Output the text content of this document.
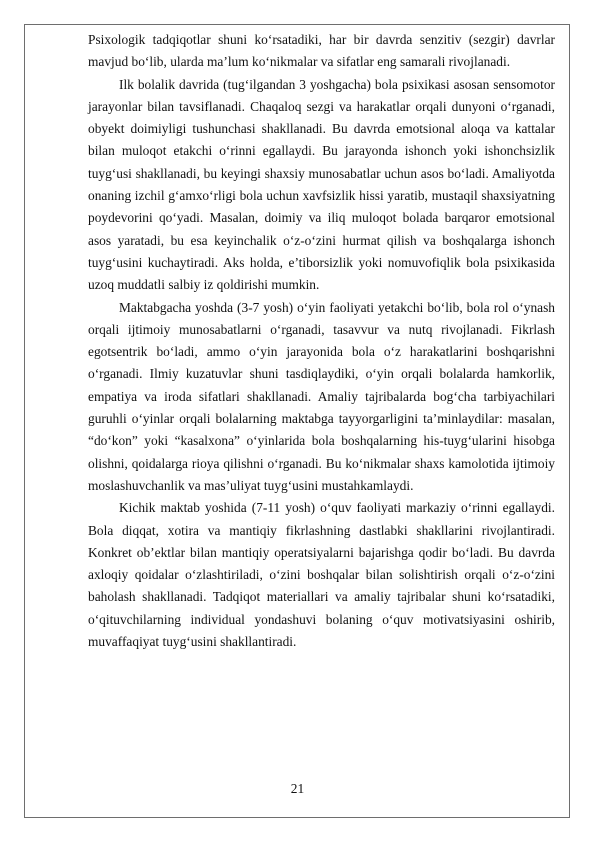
Psixologik tadqiqotlar shuni ko‘rsatadiki, har bir davrda senzitiv (sezgir) davrlar mavjud bo‘lib, ularda ma’lum ko‘nikmalar va sifatlar eng samarali rivojlanadi.

Ilk bolalik davrida (tug‘ilgandan 3 yoshgacha) bola psixikasi asosan sensomotor jarayonlar bilan tavsiflanadi. Chaqaloq sezgi va harakatlar orqali dunyoni o‘rganadi, obyekt doimiyligi tushunchasi shakllanadi. Bu davrda emotsional aloqa va kattalar bilan muloqot etakchi o‘rinni egallaydi. Bu jarayonda ishonch yoki ishonchsizlik tuyg‘usi shakllanadi, bu keyingi shaxsiy munosabatlar uchun asos bo‘ladi. Amaliyotda onaning izchil g‘amxo‘rligi bola uchun xavfsizlik hissi yaratib, mustaqil shaxsiyatning poydevorini qo‘yadi. Masalan, doimiy va iliq muloqot bolada barqaror emotsional asos yaratadi, bu esa keyinchalik o‘z-o‘zini hurmat qilish va boshqalarga ishonch tuyg‘usini kuchaytiradi. Aks holda, e’tiborsizlik yoki nomuvofiqlik bola psixikasida uzoq muddatli salbiy iz qoldirishi mumkin.

Maktabgacha yoshda (3-7 yosh) o‘yin faoliyati yetakchi bo‘lib, bola rol o‘ynash orqali ijtimoiy munosabatlarni o‘rganadi, tasavvur va nutq rivojlanadi. Fikrlash egotsentrik bo‘ladi, ammo o‘yin jarayonida bola o‘z harakatlarini boshqarishni o‘rganadi. Ilmiy kuzatuvlar shuni tasdiqlaydiki, o‘yin orqali bolalarda hamkorlik, empatiya va iroda sifatlari shakllanadi. Amaliy tajribalarda bog‘cha tarbiyachilari guruhli o‘yinlar orqali bolalarning maktabga tayyorgarligini ta’minlaydilar: masalan, “do‘kon” yoki “kasalxona” o‘yinlarida bola boshqalarning his-tuyg‘ularini hisobga olishni, qoidalarga rioya qilishni o‘rganadi. Bu ko‘nikmalar shaxs kamolotida ijtimoiy moslashuvchanlik va mas’uliyat tuyg‘usini mustahkamlaydi.

Kichik maktab yoshida (7-11 yosh) o‘quv faoliyati markaziy o‘rinni egallaydi. Bola diqqat, xotira va mantiqiy fikrlashning dastlabki shakllarini rivojlantiradi. Konkret ob’ektlar bilan mantiqiy operatsiyalarni bajarishga qodir bo‘ladi. Bu davrda axloqiy qoidalar o‘zlashtiriladi, o‘zini boshqalar bilan solishtirish orqali o‘z-o‘zini baholash shakllanadi. Tadqiqot materiallari va amaliy tajribalar shuni ko‘rsatadiki, o‘qituvchilarning individual yondashuvi bolaning o‘quv motivatsiyasini oshirib, muvaffaqiyat tuyg‘usini shakllantiradi.

21
